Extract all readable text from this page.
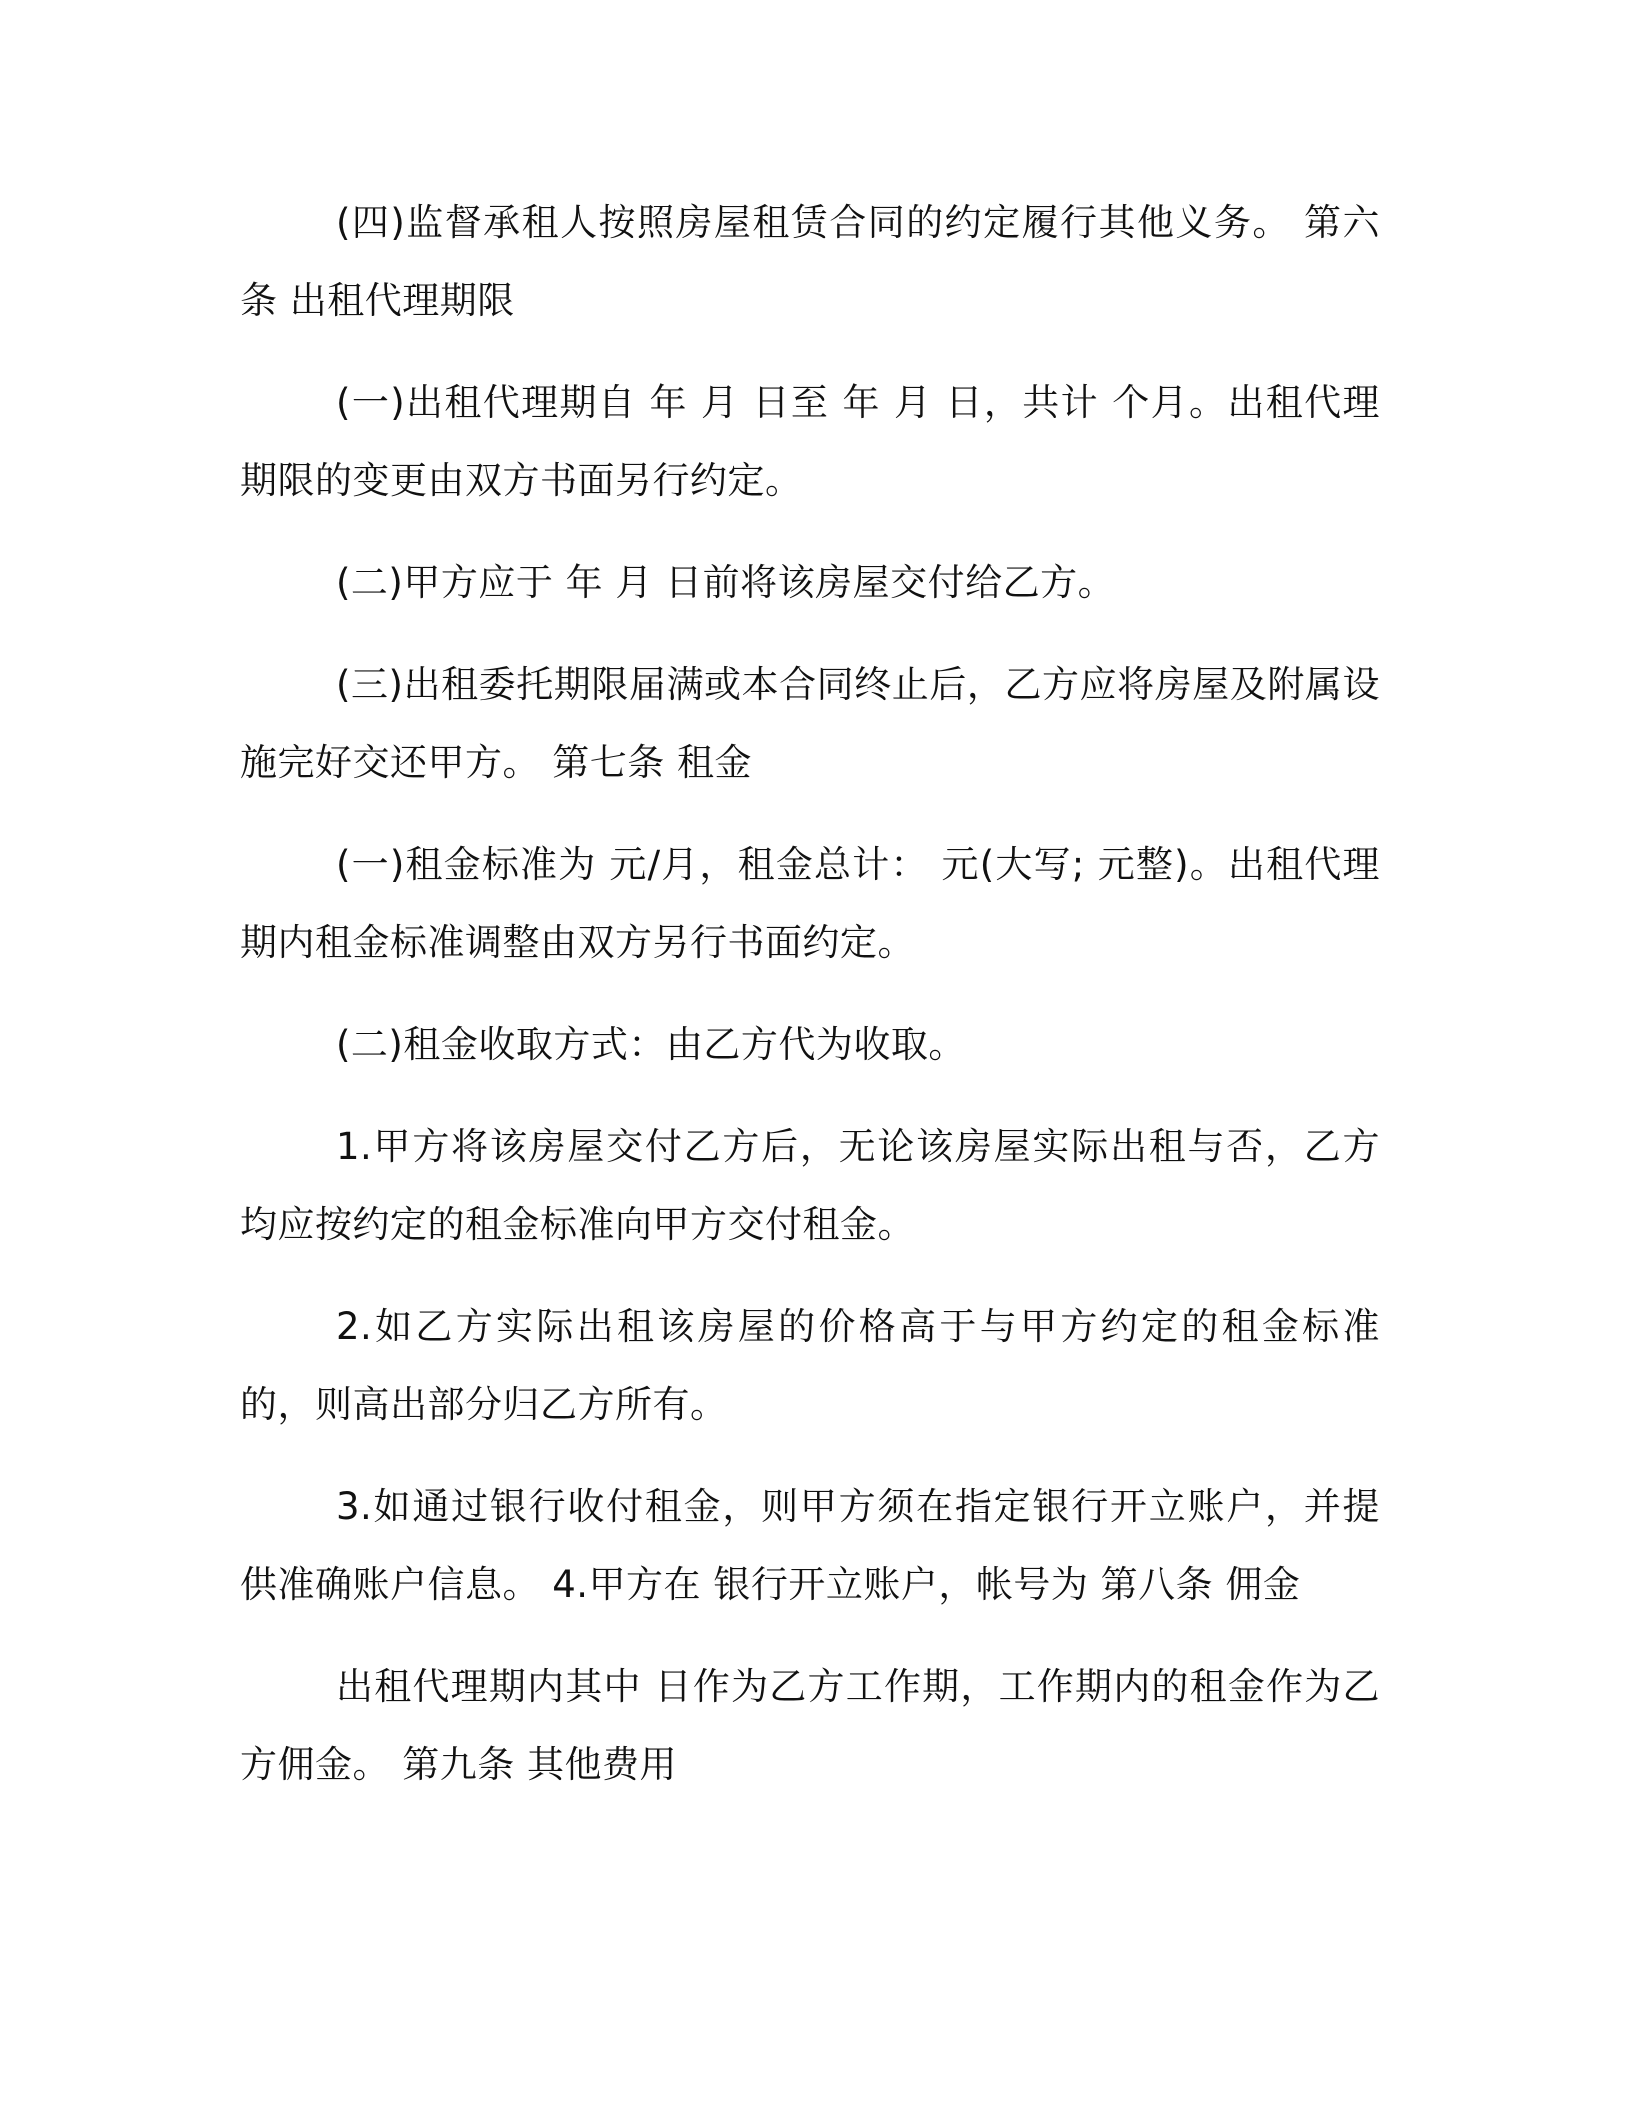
(四)监督承租人按照房屋租赁合同的约定履行其他义务。 第六条 出租代理期限

(一)出租代理期自 年 月 日至 年 月 日，共计 个月。出租代理期限的变更由双方书面另行约定。

(二)甲方应于 年 月 日前将该房屋交付给乙方。

(三)出租委托期限届满或本合同终止后，乙方应将房屋及附属设施完好交还甲方。 第七条 租金

(一)租金标准为 元/月，租金总计： 元(大写; 元整)。出租代理期内租金标准调整由双方另行书面约定。

(二)租金收取方式：由乙方代为收取。

1.甲方将该房屋交付乙方后，无论该房屋实际出租与否，乙方均应按约定的租金标准向甲方交付租金。

2.如乙方实际出租该房屋的价格高于与甲方约定的租金标准的，则高出部分归乙方所有。

3.如通过银行收付租金，则甲方须在指定银行开立账户，并提供准确账户信息。 4.甲方在 银行开立账户，帐号为 第八条 佣金

出租代理期内其中 日作为乙方工作期，工作期内的租金作为乙方佣金。 第九条 其他费用
